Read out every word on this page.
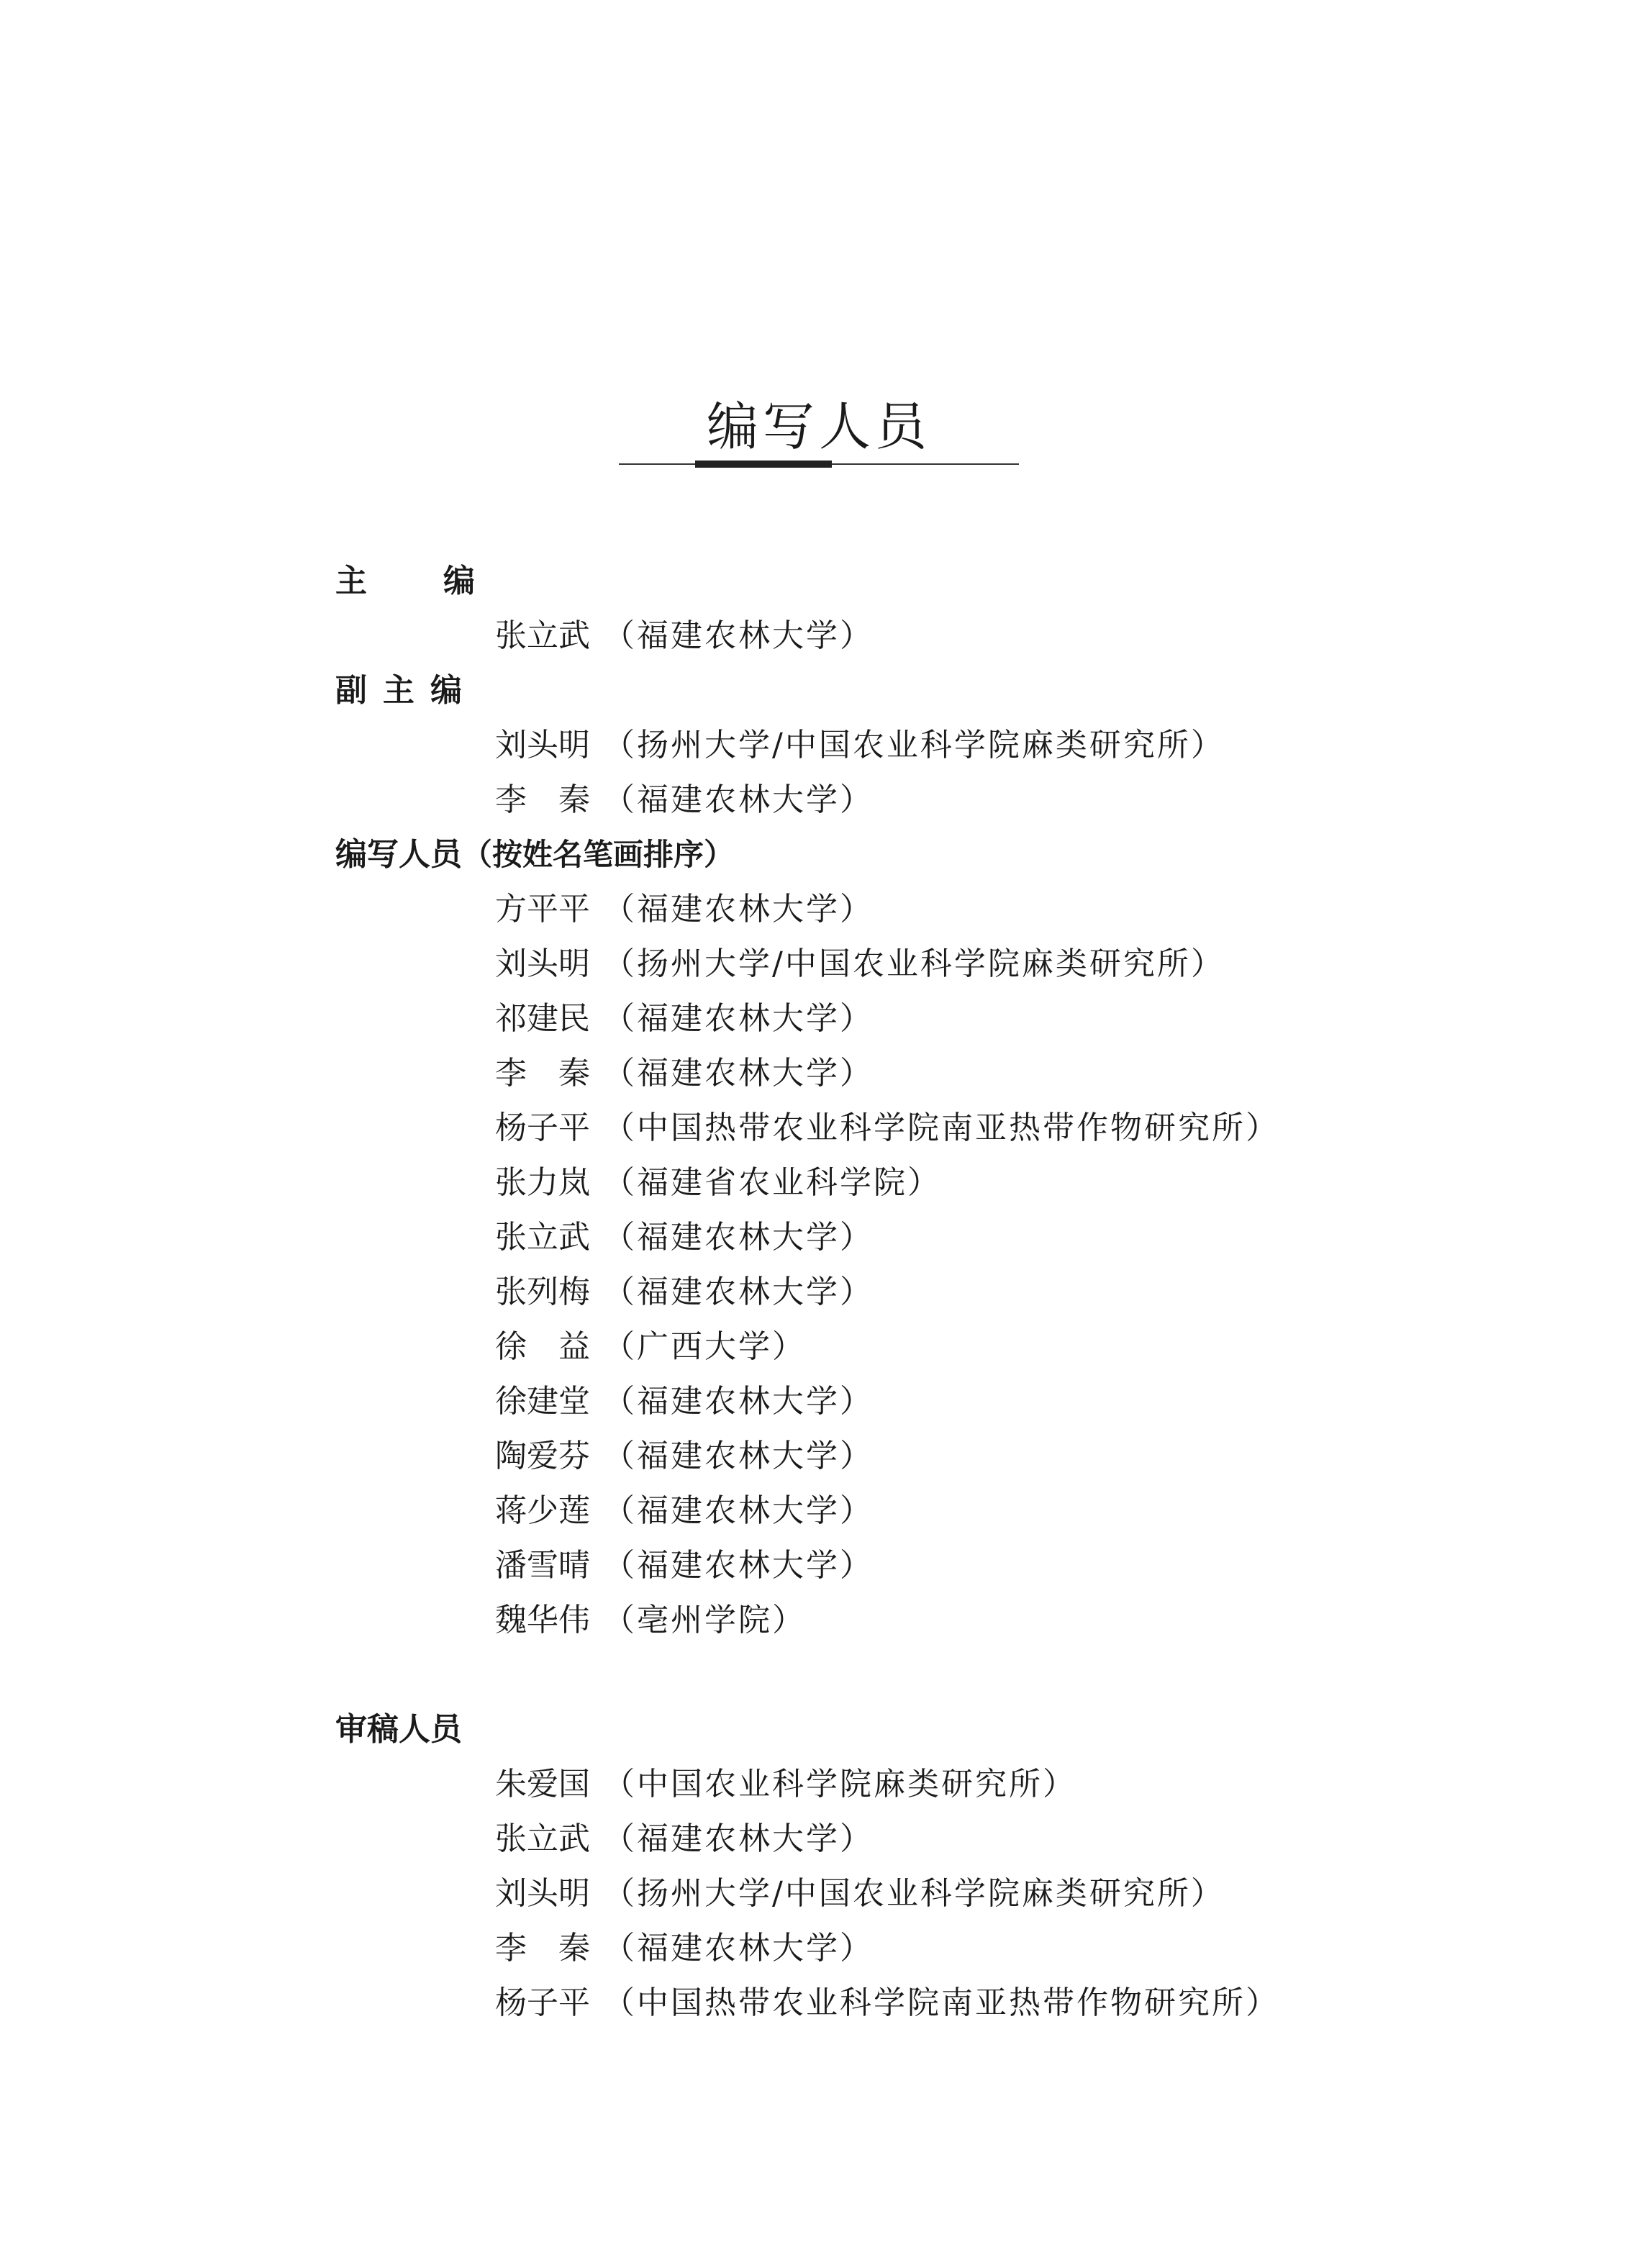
编写人员
主 编
张立武 （福建农林大学）
副主编
刘头明 （扬州大学/中国农业科学院麻类研究所）
李　秦 （福建农林大学）
编写人员（按姓名笔画排序）
方平平 （福建农林大学）
刘头明 （扬州大学/中国农业科学院麻类研究所）
祁建民 （福建农林大学）
李　秦 （福建农林大学）
杨子平 （中国热带农业科学院南亚热带作物研究所）
张力岚 （福建省农业科学院）
张立武 （福建农林大学）
张列梅 （福建农林大学）
徐　益 （广西大学）
徐建堂 （福建农林大学）
陶爱芬 （福建农林大学）
蒋少莲 （福建农林大学）
潘雪晴 （福建农林大学）
魏华伟 （亳州学院）
审稿人员
朱爱国 （中国农业科学院麻类研究所）
张立武 （福建农林大学）
刘头明 （扬州大学/中国农业科学院麻类研究所）
李　秦 （福建农林大学）
杨子平 （中国热带农业科学院南亚热带作物研究所）
